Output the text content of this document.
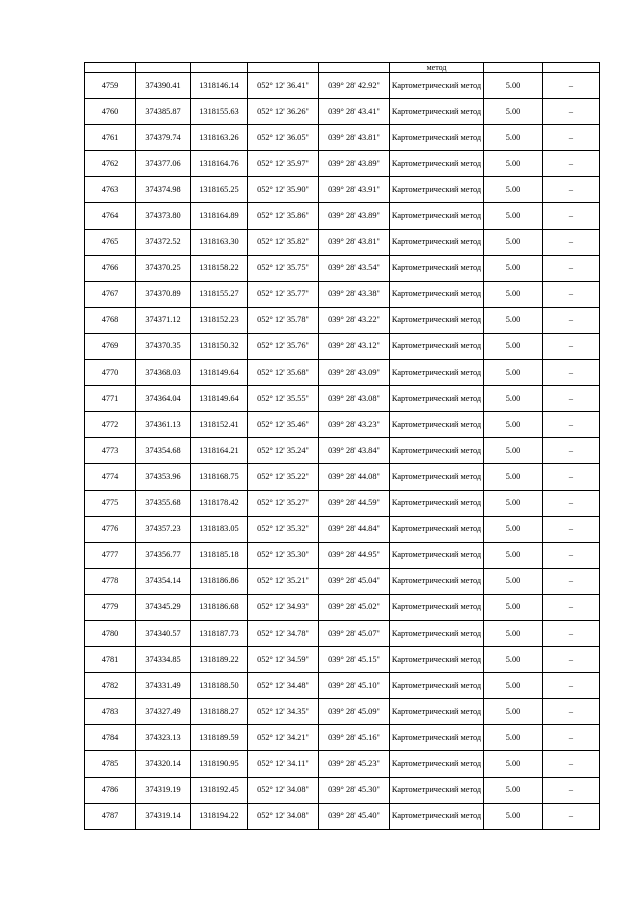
					метод		
4759	374390.41	1318146.14	052° 12' 36.41"	039° 28' 42.92"	Картометрический метод	5.00	–
4760	374385.87	1318155.63	052° 12' 36.26"	039° 28' 43.41"	Картометрический метод	5.00	–
4761	374379.74	1318163.26	052° 12' 36.05"	039° 28' 43.81"	Картометрический метод	5.00	–
4762	374377.06	1318164.76	052° 12' 35.97"	039° 28' 43.89"	Картометрический метод	5.00	–
4763	374374.98	1318165.25	052° 12' 35.90"	039° 28' 43.91"	Картометрический метод	5.00	–
4764	374373.80	1318164.89	052° 12' 35.86"	039° 28' 43.89"	Картометрический метод	5.00	–
4765	374372.52	1318163.30	052° 12' 35.82"	039° 28' 43.81"	Картометрический метод	5.00	–
4766	374370.25	1318158.22	052° 12' 35.75"	039° 28' 43.54"	Картометрический метод	5.00	–
4767	374370.89	1318155.27	052° 12' 35.77"	039° 28' 43.38"	Картометрический метод	5.00	–
4768	374371.12	1318152.23	052° 12' 35.78"	039° 28' 43.22"	Картометрический метод	5.00	–
4769	374370.35	1318150.32	052° 12' 35.76"	039° 28' 43.12"	Картометрический метод	5.00	–
4770	374368.03	1318149.64	052° 12' 35.68"	039° 28' 43.09"	Картометрический метод	5.00	–
4771	374364.04	1318149.64	052° 12' 35.55"	039° 28' 43.08"	Картометрический метод	5.00	–
4772	374361.13	1318152.41	052° 12' 35.46"	039° 28' 43.23"	Картометрический метод	5.00	–
4773	374354.68	1318164.21	052° 12' 35.24"	039° 28' 43.84"	Картометрический метод	5.00	–
4774	374353.96	1318168.75	052° 12' 35.22"	039° 28' 44.08"	Картометрический метод	5.00	–
4775	374355.68	1318178.42	052° 12' 35.27"	039° 28' 44.59"	Картометрический метод	5.00	–
4776	374357.23	1318183.05	052° 12' 35.32"	039° 28' 44.84"	Картометрический метод	5.00	–
4777	374356.77	1318185.18	052° 12' 35.30"	039° 28' 44.95"	Картометрический метод	5.00	–
4778	374354.14	1318186.86	052° 12' 35.21"	039° 28' 45.04"	Картометрический метод	5.00	–
4779	374345.29	1318186.68	052° 12' 34.93"	039° 28' 45.02"	Картометрический метод	5.00	–
4780	374340.57	1318187.73	052° 12' 34.78"	039° 28' 45.07"	Картометрический метод	5.00	–
4781	374334.85	1318189.22	052° 12' 34.59"	039° 28' 45.15"	Картометрический метод	5.00	–
4782	374331.49	1318188.50	052° 12' 34.48"	039° 28' 45.10"	Картометрический метод	5.00	–
4783	374327.49	1318188.27	052° 12' 34.35"	039° 28' 45.09"	Картометрический метод	5.00	–
4784	374323.13	1318189.59	052° 12' 34.21"	039° 28' 45.16"	Картометрический метод	5.00	–
4785	374320.14	1318190.95	052° 12' 34.11"	039° 28' 45.23"	Картометрический метод	5.00	–
4786	374319.19	1318192.45	052° 12' 34.08"	039° 28' 45.30"	Картометрический метод	5.00	–
4787	374319.14	1318194.22	052° 12' 34.08"	039° 28' 45.40"	Картометрический метод	5.00	–
